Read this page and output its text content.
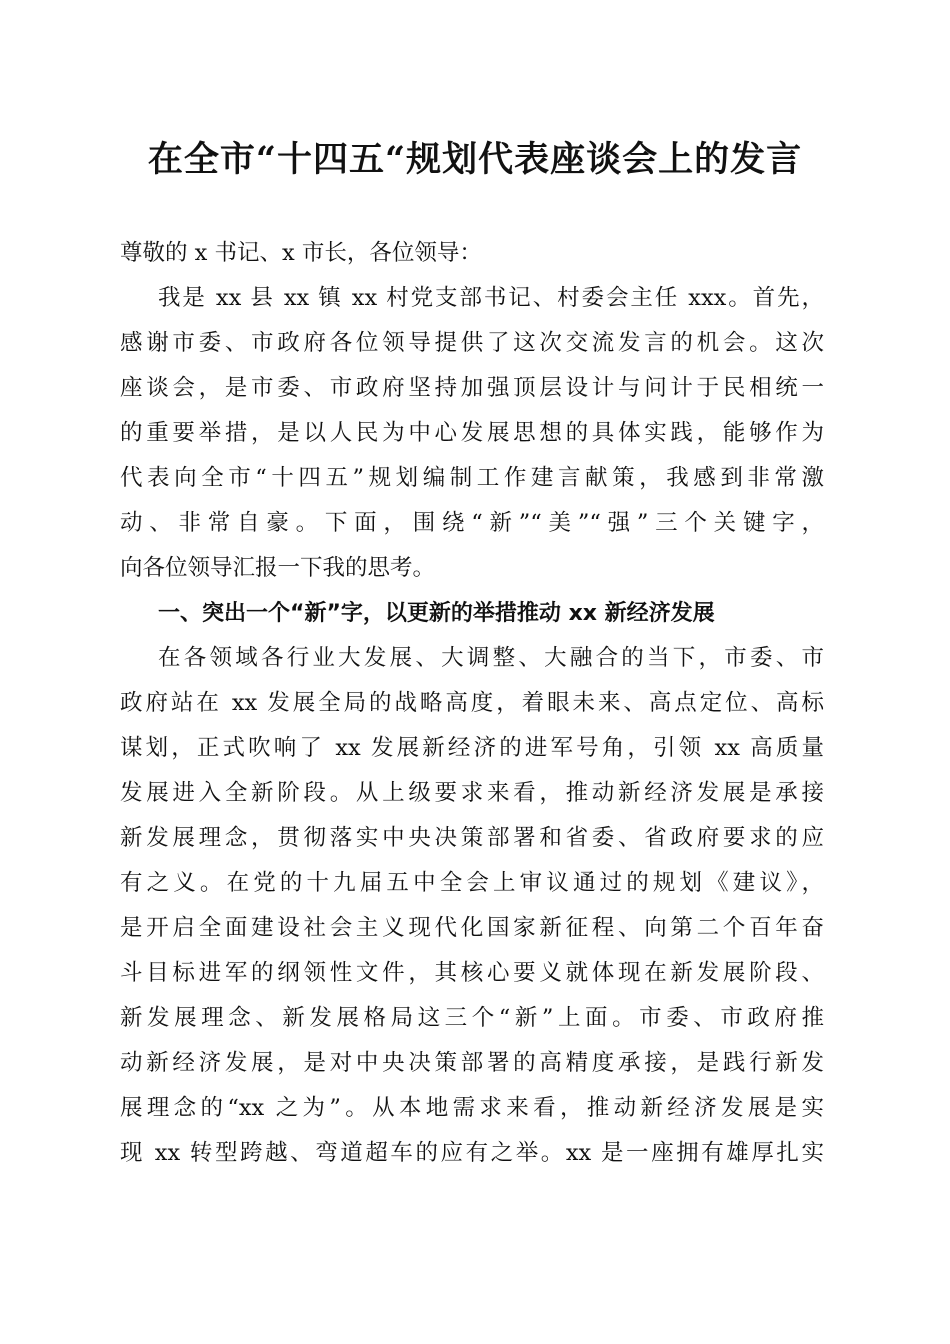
在全市“十四五“规划代表座谈会上的发言
尊敬的 x 书记、x 市长，各位领导：
我是 xx 县 xx 镇 xx 村党支部书记、村委会主任 xxx。首先，
感谢市委、市政府各位领导提供了这次交流发言的机会。这次
座谈会，是市委、市政府坚持加强顶层设计与问计于民相统一
的重要举措，是以人民为中心发展思想的具体实践，能够作为
代表向全市“十四五”规划编制工作建言献策，我感到非常激
动、非常自豪。下面，围绕“新”“美”“强”三个关键字，
向各位领导汇报一下我的思考。
一、突出一个“新”字，以更新的举措推动 xx 新经济发展
在各领域各行业大发展、大调整、大融合的当下，市委、市
政府站在 xx 发展全局的战略高度，着眼未来、高点定位、高标
谋划，正式吹响了 xx 发展新经济的进军号角，引领 xx 高质量
发展进入全新阶段。从上级要求来看，推动新经济发展是承接
新发展理念，贯彻落实中央决策部署和省委、省政府要求的应
有之义。在党的十九届五中全会上审议通过的规划《建议》，
是开启全面建设社会主义现代化国家新征程、向第二个百年奋
斗目标进军的纲领性文件，其核心要义就体现在新发展阶段、
新发展理念、新发展格局这三个“新”上面。市委、市政府推
动新经济发展，是对中央决策部署的高精度承接，是践行新发
展理念的“xx 之为”。从本地需求来看，推动新经济发展是实
现 xx 转型跨越、弯道超车的应有之举。xx 是一座拥有雄厚扎实
